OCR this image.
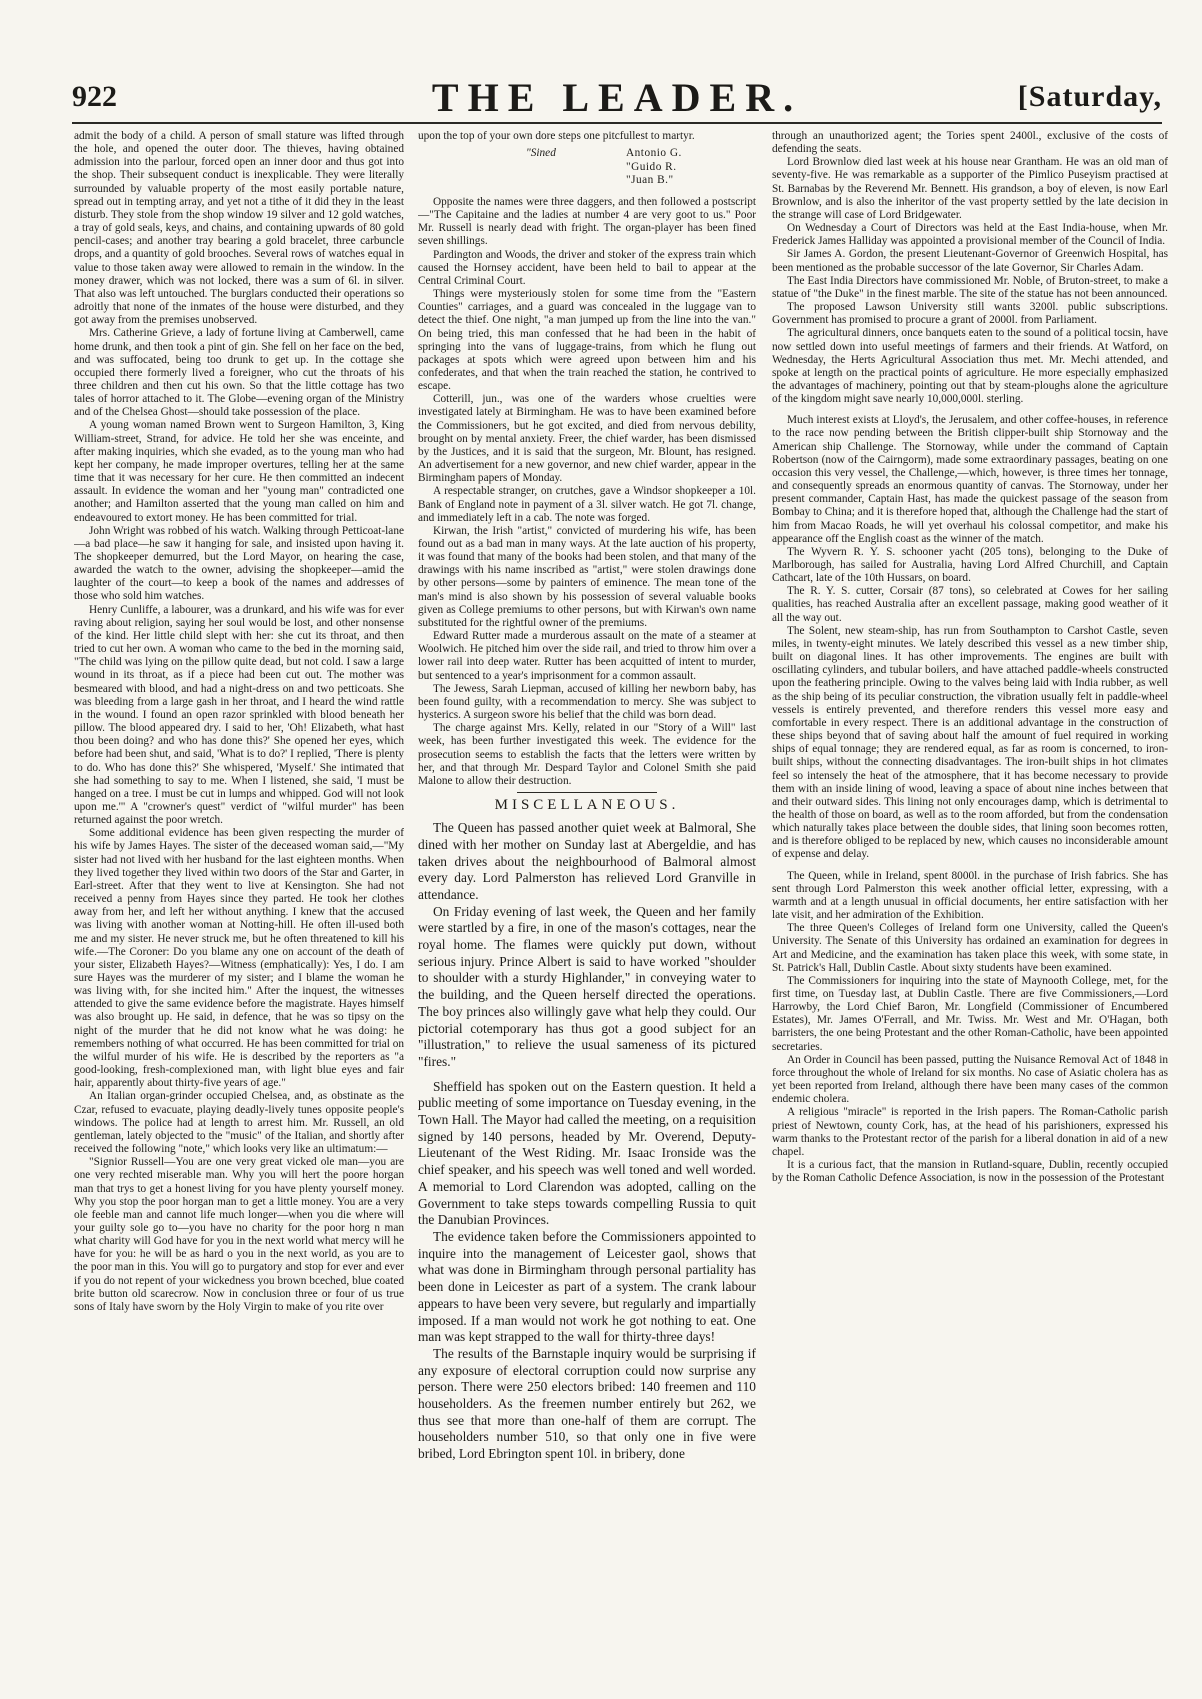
922	THE LEADER.	[Saturday,

admit the body of a child. A person of small stature was lifted through the hole, and opened the outer door. The thieves, having obtained admission into the parlour, forced open an inner door and thus got into the shop. Their subsequent conduct is inexplicable. They were literally surrounded by valuable property of the most easily portable nature, spread out in tempting array, and yet not a tithe of it did they in the least disturb. They stole from the shop window 19 silver and 12 gold watches, a tray of gold seals, keys, and chains, and containing upwards of 80 gold pencil-cases; and another tray bearing a gold bracelet, three carbuncle drops, and a quantity of gold brooches. Several rows of watches equal in value to those taken away were allowed to remain in the window. In the money drawer, which was not locked, there was a sum of 6l. in silver. That also was left untouched. The burglars conducted their operations so adroitly that none of the inmates of the house were disturbed, and they got away from the premises unobserved.

Mrs. Catherine Grieve, a lady of fortune living at Camberwell, came home drunk, and then took a pint of gin. She fell on her face on the bed, and was suffocated, being too drunk to get up. In the cottage she occupied there formerly lived a foreigner, who cut the throats of his three children and then cut his own. So that the little cottage has two tales of horror attached to it. The Globe—evening organ of the Ministry and of the Chelsea Ghost—should take possession of the place.

A young woman named Brown went to Surgeon Hamilton, 3, King William-street, Strand, for advice. He told her she was enceinte, and after making inquiries, which she evaded, as to the young man who had kept her company, he made improper overtures, telling her at the same time that it was necessary for her cure. He then committed an indecent assault. In evidence the woman and her "young man" contradicted one another; and Hamilton asserted that the young man called on him and endeavoured to extort money. He has been committed for trial.

John Wright was robbed of his watch. Walking through Petticoat-lane—a bad place—he saw it hanging for sale, and insisted upon having it. The shopkeeper demurred, but the Lord Mayor, on hearing the case, awarded the watch to the owner, advising the shopkeeper—amid the laughter of the court—to keep a book of the names and addresses of those who sold him watches.

Henry Cunliffe, a labourer, was a drunkard, and his wife was for ever raving about religion, saying her soul would be lost, and other nonsense of the kind. Her little child slept with her: she cut its throat, and then tried to cut her own. A woman who came to the bed in the morning said, "The child was lying on the pillow quite dead, but not cold. I saw a large wound in its throat, as if a piece had been cut out. The mother was besmeared with blood, and had a night-dress on and two petticoats. She was bleeding from a large gash in her throat, and I heard the wind rattle in the wound. I found an open razor sprinkled with blood beneath her pillow. The blood appeared dry. I said to her, 'Oh! Elizabeth, what hast thou been doing? and who has done this?' She opened her eyes, which before had been shut, and said, 'What is to do?' I replied, 'There is plenty to do. Who has done this?' She whispered, 'Myself.' She intimated that she had something to say to me. When I listened, she said, 'I must be hanged on a tree. I must be cut in lumps and whipped. God will not look upon me.'" A "crowner's quest" verdict of "wilful murder" has been returned against the poor wretch.

Some additional evidence has been given respecting the murder of his wife by James Hayes. The sister of the deceased woman said,—"My sister had not lived with her husband for the last eighteen months. When they lived together they lived within two doors of the Star and Garter, in Earl-street. After that they went to live at Kensington. She had not received a penny from Hayes since they parted. He took her clothes away from her, and left her without anything. I knew that the accused was living with another woman at Notting-hill. He often ill-used both me and my sister. He never struck me, but he often threatened to kill his wife.—The Coroner: Do you blame any one on account of the death of your sister, Elizabeth Hayes?—Witness (emphatically): Yes, I do. I am sure Hayes was the murderer of my sister; and I blame the woman he was living with, for she incited him." After the inquest, the witnesses attended to give the same evidence before the magistrate. Hayes himself was also brought up. He said, in defence, that he was so tipsy on the night of the murder that he did not know what he was doing: he remembers nothing of what occurred. He has been committed for trial on the wilful murder of his wife. He is described by the reporters as "a good-looking, fresh-complexioned man, with light blue eyes and fair hair, apparently about thirty-five years of age."

An Italian organ-grinder occupied Chelsea, and, as obstinate as the Czar, refused to evacuate, playing deadly-lively tunes opposite people's windows. The police had at length to arrest him. Mr. Russell, an old gentleman, lately objected to the "music" of the Italian, and shortly after received the following "note," which looks very like an ultimatum:—

"Signior Russell—You are one very great vicked ole man—you are one very rechted miserable man. Why you will hert the poore horgan man that trys to get a honest living for you have plenty yourself money. Why you stop the poor horgan man to get a little money. You are a very ole feeble man and cannot life much longer—when you die where will your guilty sole go to—you have no charity for the poor horg n man what charity will God have for you in the next world what mercy will he have for you: he will be as hard o you in the next world, as you are to the poor man in this. You will go to purgatory and stop for ever and ever if you do not repent of your wickedness you brown bceched, blue coated brite button old scarecrow. Now in conclusion three or four of us true sons of Italy have sworn by the Holy Virgin to make of you rite over

upon the top of your own dore steps one pitcfullest to martyr.

"Sined	Antonio G.
"Guido R.
"Juan B."

Opposite the names were three daggers, and then followed a postscript—"The Capitaine and the ladies at number 4 are very goot to us." Poor Mr. Russell is nearly dead with fright. The organ-player has been fined seven shillings.

Pardington and Woods, the driver and stoker of the express train which caused the Hornsey accident, have been held to bail to appear at the Central Criminal Court.

Things were mysteriously stolen for some time from the "Eastern Counties" carriages, and a guard was concealed in the luggage van to detect the thief. One night, "a man jumped up from the line into the van." On being tried, this man confessed that he had been in the habit of springing into the vans of luggage-trains, from which he flung out packages at spots which were agreed upon between him and his confederates, and that when the train reached the station, he contrived to escape.

Cotterill, jun., was one of the warders whose cruelties were investigated lately at Birmingham. He was to have been examined before the Commissioners, but he got excited, and died from nervous debility, brought on by mental anxiety. Freer, the chief warder, has been dismissed by the Justices, and it is said that the surgeon, Mr. Blount, has resigned. An advertisement for a new governor, and new chief warder, appear in the Birmingham papers of Monday.

A respectable stranger, on crutches, gave a Windsor shopkeeper a 10l. Bank of England note in payment of a 3l. silver watch. He got 7l. change, and immediately left in a cab. The note was forged.

Kirwan, the Irish "artist," convicted of murdering his wife, has been found out as a bad man in many ways. At the late auction of his property, it was found that many of the books had been stolen, and that many of the drawings with his name inscribed as "artist," were stolen drawings done by other persons—some by painters of eminence. The mean tone of the man's mind is also shown by his possession of several valuable books given as College premiums to other persons, but with Kirwan's own name substituted for the rightful owner of the premiums.

Edward Rutter made a murderous assault on the mate of a steamer at Woolwich. He pitched him over the side rail, and tried to throw him over a lower rail into deep water. Rutter has been acquitted of intent to murder, but sentenced to a year's imprisonment for a common assault.

The Jewess, Sarah Liepman, accused of killing her newborn baby, has been found guilty, with a recommendation to mercy. She was subject to hysterics. A surgeon swore his belief that the child was born dead.

The charge against Mrs. Kelly, related in our "Story of a Will" last week, has been further investigated this week. The evidence for the prosecution seems to establish the facts that the letters were written by her, and that through Mr. Despard Taylor and Colonel Smith she paid Malone to allow their destruction.

MISCELLANEOUS.

The Queen has passed another quiet week at Balmoral, She dined with her mother on Sunday last at Abergeldie, and has taken drives about the neighbourhood of Balmoral almost every day. Lord Palmerston has relieved Lord Granville in attendance.

On Friday evening of last week, the Queen and her family were startled by a fire, in one of the mason's cottages, near the royal home. The flames were quickly put down, without serious injury. Prince Albert is said to have worked "shoulder to shoulder with a sturdy Highlander," in conveying water to the building, and the Queen herself directed the operations. The boy princes also willingly gave what help they could. Our pictorial cotemporary has thus got a good subject for an "illustration," to relieve the usual sameness of its pictured "fires."

Sheffield has spoken out on the Eastern question. It held a public meeting of some importance on Tuesday evening, in the Town Hall. The Mayor had called the meeting, on a requisition signed by 140 persons, headed by Mr. Overend, Deputy-Lieutenant of the West Riding. Mr. Isaac Ironside was the chief speaker, and his speech was well toned and well worded. A memorial to Lord Clarendon was adopted, calling on the Government to take steps towards compelling Russia to quit the Danubian Provinces.

The evidence taken before the Commissioners appointed to inquire into the management of Leicester gaol, shows that what was done in Birmingham through personal partiality has been done in Leicester as part of a system. The crank labour appears to have been very severe, but regularly and impartially imposed. If a man would not work he got nothing to eat. One man was kept strapped to the wall for thirty-three days!

The results of the Barnstaple inquiry would be surprising if any exposure of electoral corruption could now surprise any person. There were 250 electors bribed: 140 freemen and 110 householders. As the freemen number entirely but 262, we thus see that more than one-half of them are corrupt. The householders number 510, so that only one in five were bribed, Lord Ebrington spent 10l. in bribery, done

through an unauthorized agent; the Tories spent 2400l., exclusive of the costs of defending the seats.

Lord Brownlow died last week at his house near Grantham. He was an old man of seventy-five. He was remarkable as a supporter of the Pimlico Puseyism practised at St. Barnabas by the Reverend Mr. Bennett. His grandson, a boy of eleven, is now Earl Brownlow, and is also the inheritor of the vast property settled by the late decision in the strange will case of Lord Bridgewater.

On Wednesday a Court of Directors was held at the East India-house, when Mr. Frederick James Halliday was appointed a provisional member of the Council of India.

Sir James A. Gordon, the present Lieutenant-Governor of Greenwich Hospital, has been mentioned as the probable successor of the late Governor, Sir Charles Adam.

The East India Directors have commissioned Mr. Noble, of Bruton-street, to make a statue of "the Duke" in the finest marble. The site of the statue has not been announced.

The proposed Lawson University still wants 3200l. public subscriptions. Government has promised to procure a grant of 2000l. from Parliament.

The agricultural dinners, once banquets eaten to the sound of a political tocsin, have now settled down into useful meetings of farmers and their friends. At Watford, on Wednesday, the Herts Agricultural Association thus met. Mr. Mechi attended, and spoke at length on the practical points of agriculture. He more especially emphasized the advantages of machinery, pointing out that by steam-ploughs alone the agriculture of the kingdom might save nearly 10,000,000l. sterling.

Much interest exists at Lloyd's, the Jerusalem, and other coffee-houses, in reference to the race now pending between the British clipper-built ship Stornoway and the American ship Challenge. The Stornoway, while under the command of Captain Robertson (now of the Cairngorm), made some extraordinary passages, beating on one occasion this very vessel, the Challenge,—which, however, is three times her tonnage, and consequently spreads an enormous quantity of canvas. The Stornoway, under her present commander, Captain Hast, has made the quickest passage of the season from Bombay to China; and it is therefore hoped that, although the Challenge had the start of him from Macao Roads, he will yet overhaul his colossal competitor, and make his appearance off the English coast as the winner of the match.

The Wyvern R. Y. S. schooner yacht (205 tons), belonging to the Duke of Marlborough, has sailed for Australia, having Lord Alfred Churchill, and Captain Cathcart, late of the 10th Hussars, on board.

The R. Y. S. cutter, Corsair (87 tons), so celebrated at Cowes for her sailing qualities, has reached Australia after an excellent passage, making good weather of it all the way out.

The Solent, new steam-ship, has run from Southampton to Carshot Castle, seven miles, in twenty-eight minutes. We lately described this vessel as a new timber ship, built on diagonal lines. It has other improvements. The engines are built with oscillating cylinders, and tubular boilers, and have attached paddle-wheels constructed upon the feathering principle. Owing to the valves being laid with India rubber, as well as the ship being of its peculiar construction, the vibration usually felt in paddle-wheel vessels is entirely prevented, and therefore renders this vessel more easy and comfortable in every respect. There is an additional advantage in the construction of these ships beyond that of saving about half the amount of fuel required in working ships of equal tonnage; they are rendered equal, as far as room is concerned, to iron-built ships, without the connecting disadvantages. The iron-built ships in hot climates feel so intensely the heat of the atmosphere, that it has become necessary to provide them with an inside lining of wood, leaving a space of about nine inches between that and their outward sides. This lining not only encourages damp, which is detrimental to the health of those on board, as well as to the room afforded, but from the condensation which naturally takes place between the double sides, that lining soon becomes rotten, and is therefore obliged to be replaced by new, which causes no inconsiderable amount of expense and delay.

The Queen, while in Ireland, spent 8000l. in the purchase of Irish fabrics. She has sent through Lord Palmerston this week another official letter, expressing, with a warmth and at a length unusual in official documents, her entire satisfaction with her late visit, and her admiration of the Exhibition.

The three Queen's Colleges of Ireland form one University, called the Queen's University. The Senate of this University has ordained an examination for degrees in Art and Medicine, and the examination has taken place this week, with some state, in St. Patrick's Hall, Dublin Castle. About sixty students have been examined.

The Commissioners for inquiring into the state of Maynooth College, met, for the first time, on Tuesday last, at Dublin Castle. There are five Commissioners,—Lord Harrowby, the Lord Chief Baron, Mr. Longfield (Commissioner of Encumbered Estates), Mr. James O'Ferrall, and Mr. Twiss. Mr. West and Mr. O'Hagan, both barristers, the one being Protestant and the other Roman-Catholic, have been appointed secretaries.

An Order in Council has been passed, putting the Nuisance Removal Act of 1848 in force throughout the whole of Ireland for six months. No case of Asiatic cholera has as yet been reported from Ireland, although there have been many cases of the common endemic cholera.

A religious "miracle" is reported in the Irish papers. The Roman-Catholic parish priest of Newtown, county Cork, has, at the head of his parishioners, expressed his warm thanks to the Protestant rector of the parish for a liberal donation in aid of a new chapel.

It is a curious fact, that the mansion in Rutland-square, Dublin, recently occupied by the Roman Catholic Defence Association, is now in the possession of the Protestant
